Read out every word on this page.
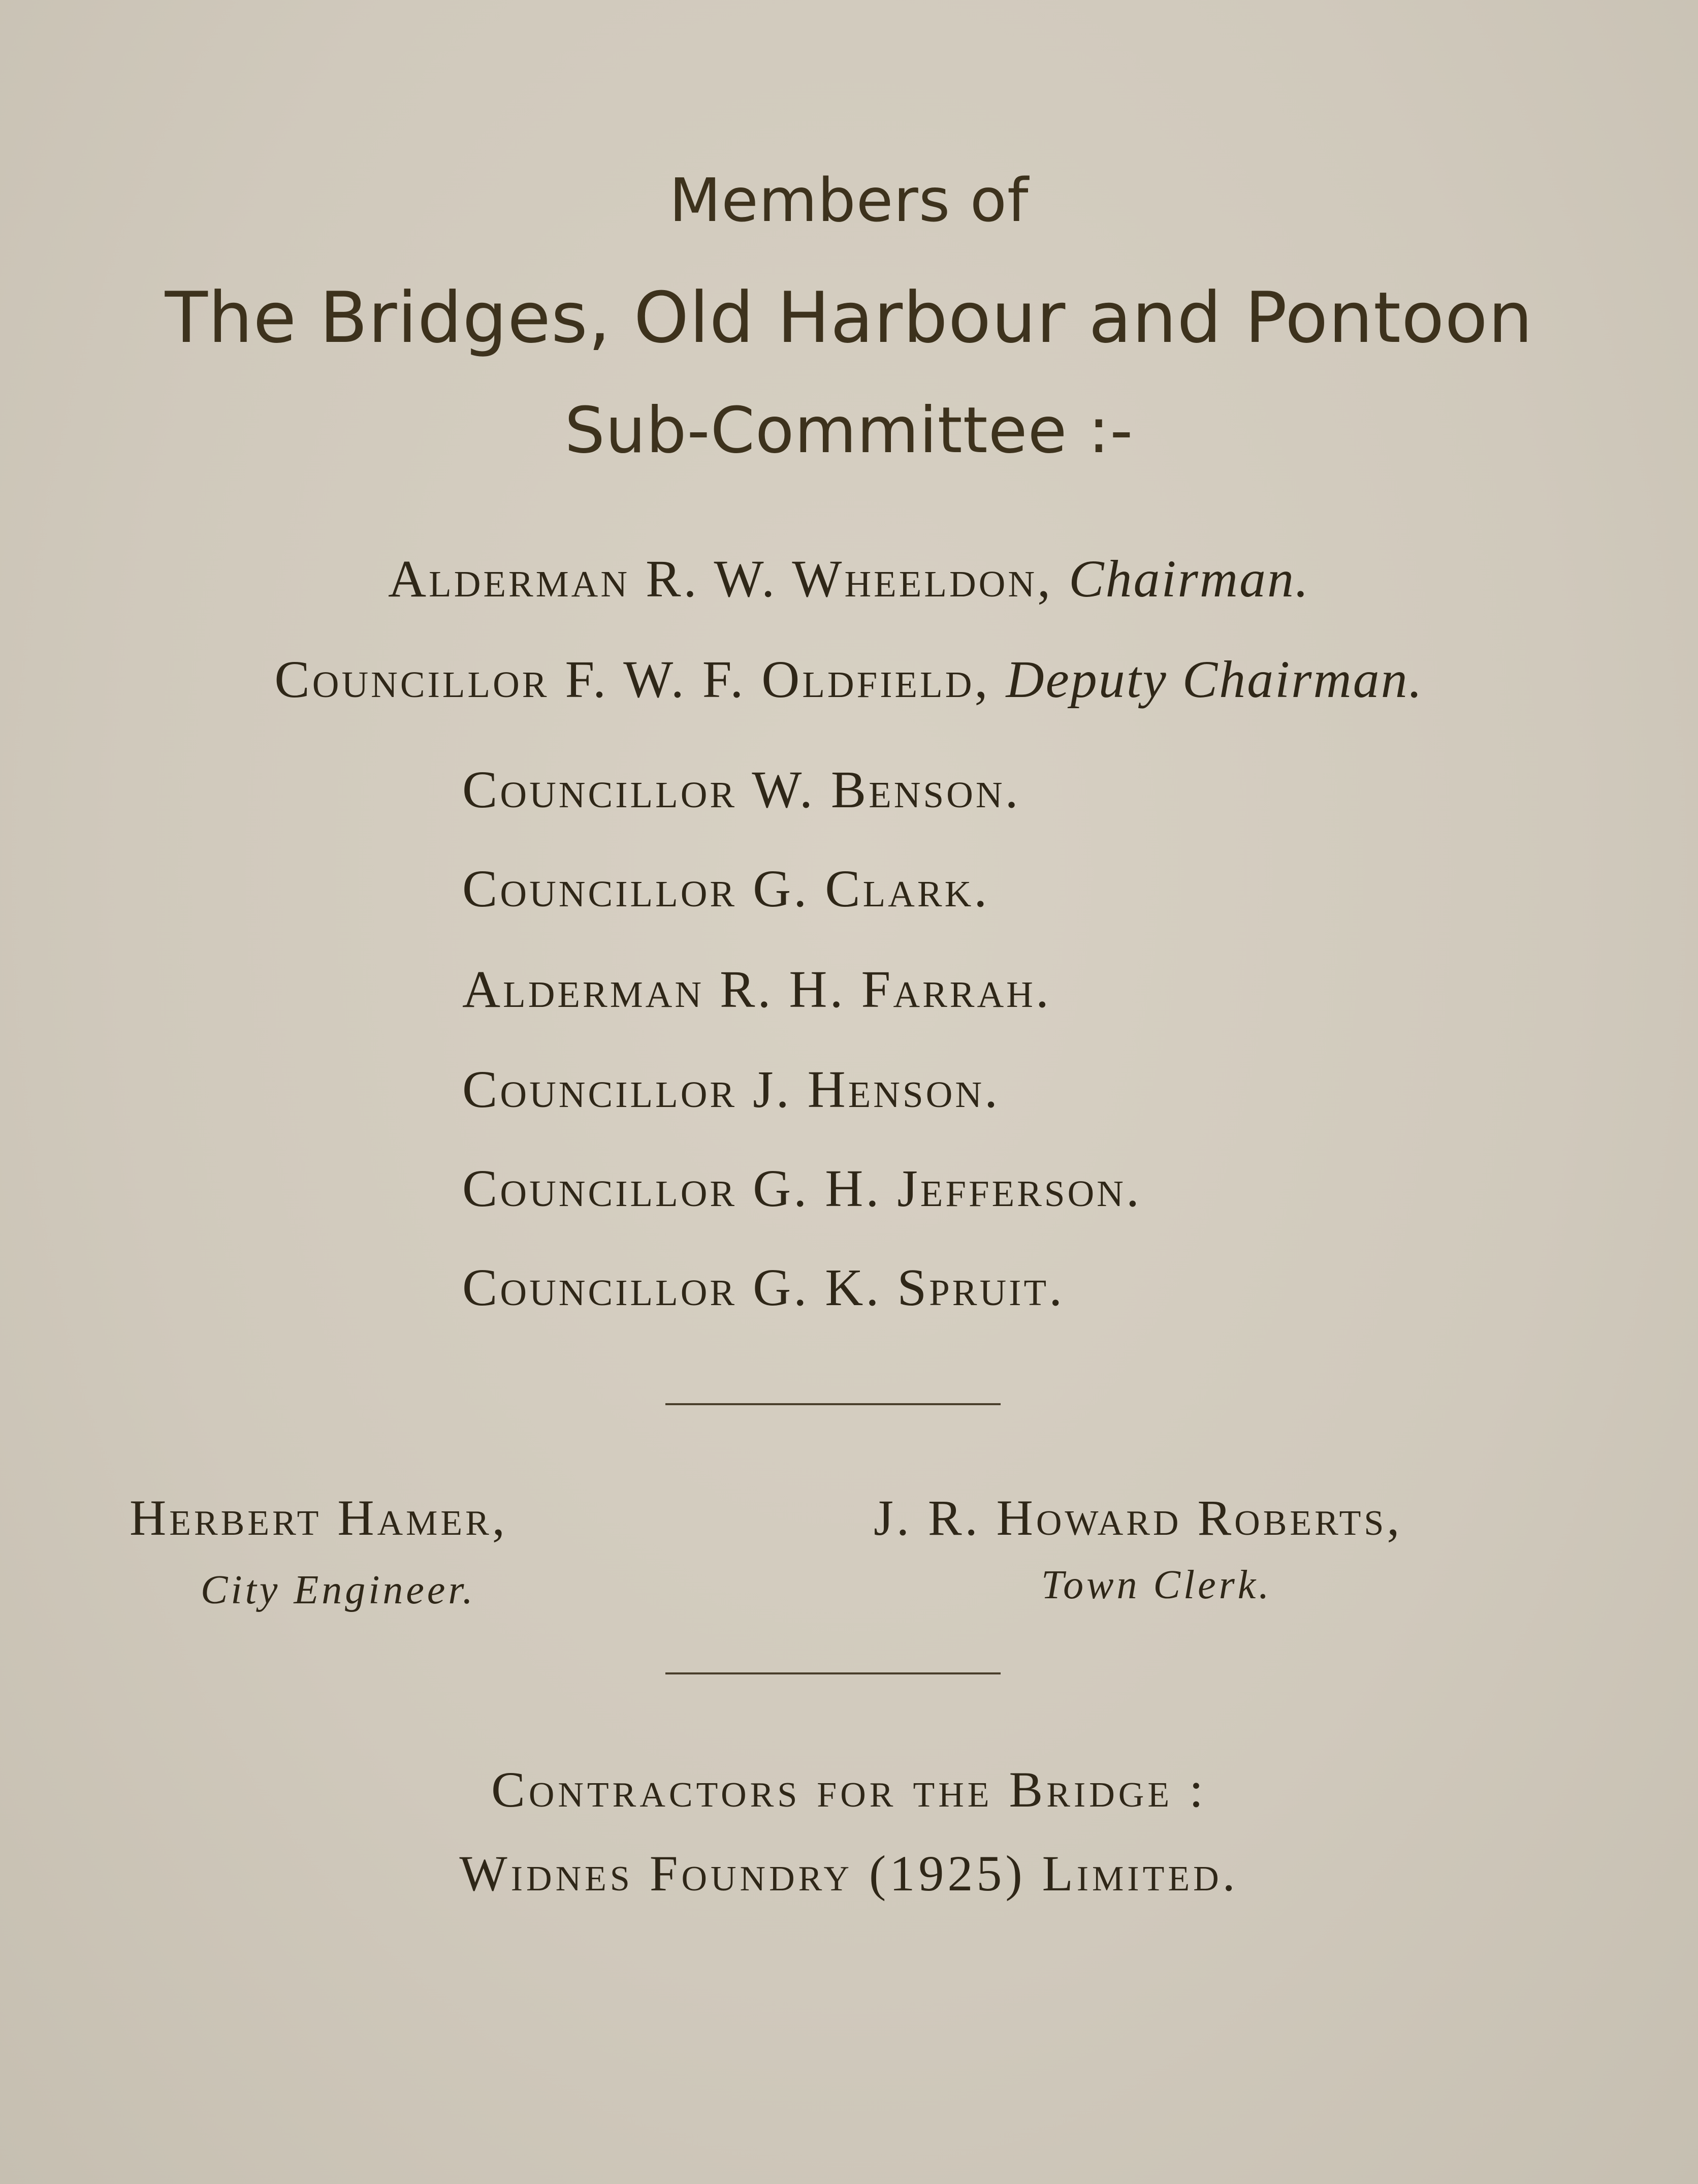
Members of
The Bridges, Old Harbour and Pontoon
Sub-Committee :-
Alderman R. W. Wheeldon, Chairman.
Councillor F. W. F. Oldfield, Deputy Chairman.
Councillor W. Benson.
Councillor G. Clark.
Alderman R. H. Farrah.
Councillor J. Henson.
Councillor G. H. Jefferson.
Councillor G. K. Spruit.
Herbert Hamer,
City Engineer.
J. R. Howard Roberts,
Town Clerk.
Contractors for the Bridge :
Widnes Foundry (1925) Limited.
